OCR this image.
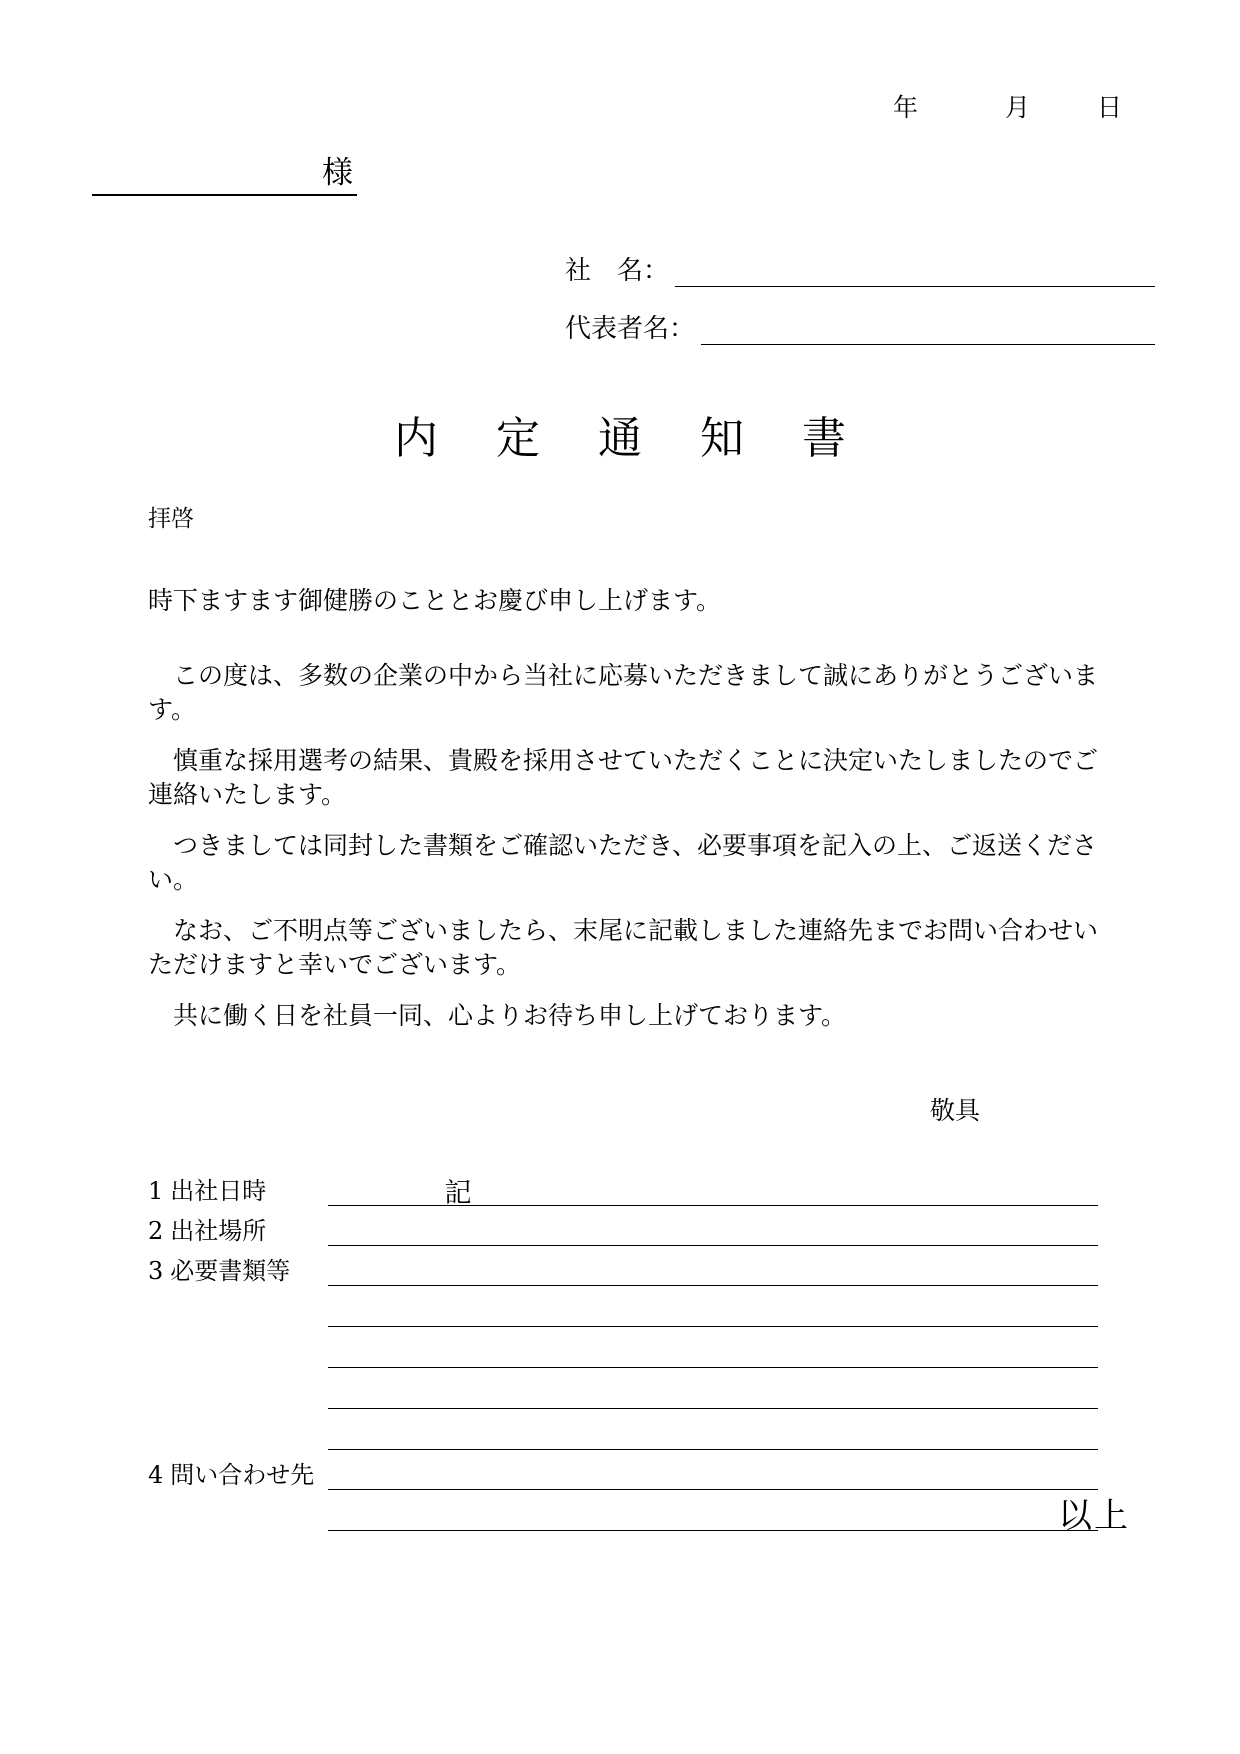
年	月	日
様
社　名：
代表者名：
内 定 通 知 書

拝啓

時下ますます御健勝のこととお慶び申し上げます。

この度は、多数の企業の中から当社に応募いただきまして誠にありがとうございます。

慎重な採用選考の結果、貴殿を採用させていただくことに決定いたしましたのでご連絡いたします。

つきましては同封した書類をご確認いただき、必要事項を記入の上、ご返送ください。

なお、ご不明点等ございましたら、末尾に記載しました連絡先までお問い合わせいただけますと幸いでございます。

共に働く日を社員一同、心よりお待ち申し上げております。

敬具

記

1 出社日時
2 出社場所
3 必要書類等
4 問い合わせ先
以上
